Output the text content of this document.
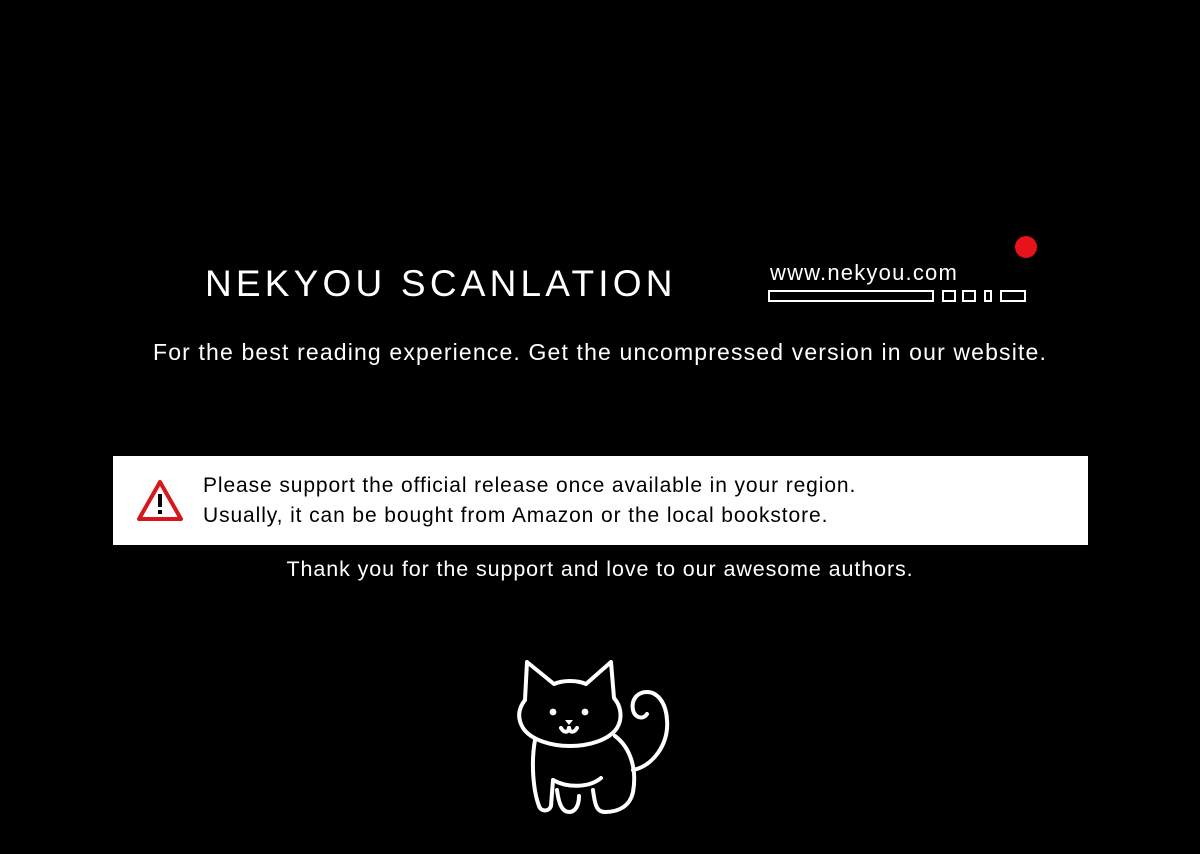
NEKYOU SCANLATION	www.nekyou.com
For the best reading experience. Get the uncompressed version in our website.
Please support the official release once available in your region.
Usually, it can be bought from Amazon or the local bookstore.
Thank you for the support and love to our awesome authors.
